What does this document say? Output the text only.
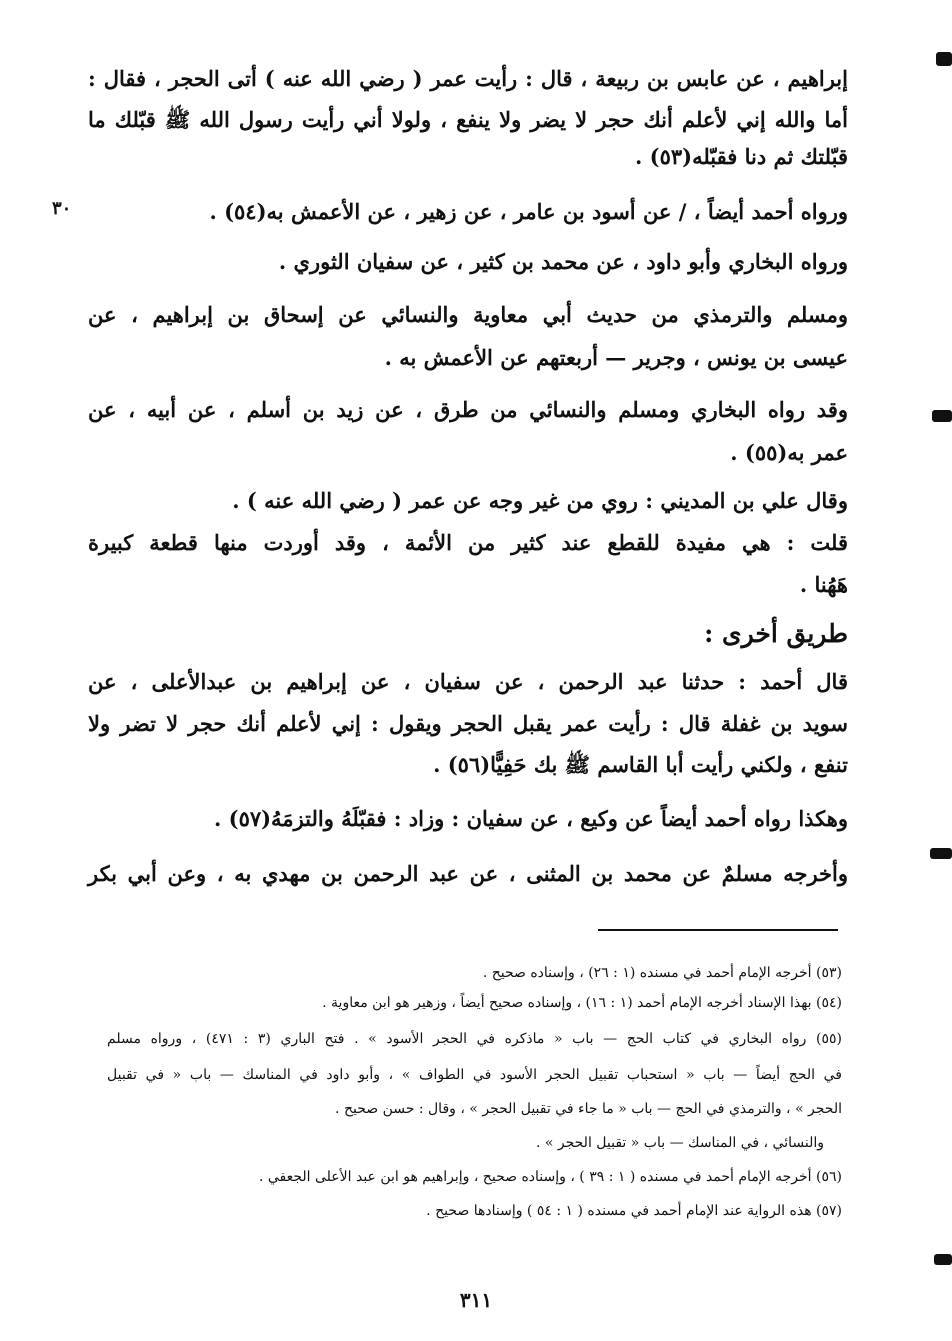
إبراهيم ، عن عابس بن ربيعة ، قال : رأيت عمر ( رضي الله عنه ) أتى الحجر ، فقال :
أما والله إني لأعلم أنك حجر لا يضر ولا ينفع ، ولولا أني رأيت رسول الله ﷺ قبّلك ما
قبّلتك ثم دنا فقبّله(٥٣) .
ورواه أحمد أيضاً ، / عن أسود بن عامر ، عن زهير ، عن الأعمش به(٥٤) .
ورواه البخاري وأبو داود ، عن محمد بن كثير ، عن سفيان الثوري .
ومسلم والترمذي من حديث أبي معاوية والنسائي عن إسحاق بن إبراهيم ، عن
عيسى بن يونس ، وجرير — أربعتهم عن الأعمش به .
وقد رواه البخاري ومسلم والنسائي من طرق ، عن زيد بن أسلم ، عن أبيه ، عن
عمر به(٥٥) .
وقال علي بن المديني : روي من غير وجه عن عمر ( رضي الله عنه ) .
قلت : هي مفيدة للقطع عند كثير من الأئمة ، وقد أوردت منها قطعة كبيرة
هَهُنا .
طريق أخرى :
قال أحمد : حدثنا عبد الرحمن ، عن سفيان ، عن إبراهيم بن عبدالأعلى ، عن
سويد بن غفلة قال : رأيت عمر يقبل الحجر ويقول : إني لأعلم أنك حجر لا تضر ولا
تنفع ، ولكني رأيت أبا القاسم ﷺ بك حَفِيًّا(٥٦) .
وهكذا رواه أحمد أيضاً عن وكيع ، عن سفيان : وزاد : فقبّلَهُ والتزمَهُ(٥٧) .
وأخرجه مسلمٌ عن محمد بن المثنى ، عن عبد الرحمن بن مهدي به ، وعن أبي بكر
٣٠
(٥٣) أخرجه الإمام أحمد في مسنده (١ : ٢٦) ، وإسناده صحيح .
(٥٤) بهذا الإسناد أخرجه الإمام أحمد (١ : ١٦) ، وإسناده صحيح أيضاً ، وزهير هو ابن معاوية .
(٥٥) رواه البخاري في كتاب الحج — باب « ماذكره في الحجر الأسود » . فتح الباري (٣ : ٤٧١) ، ورواه مسلم
في الحج أيضاً — باب « استحباب تقبيل الحجر الأسود في الطواف » ، وأبو داود في المناسك — باب « في تقبيل
الحجر » ، والترمذي في الحج — باب « ما جاء في تقبيل الحجر » ، وقال : حسن صحيح .
والنسائي ، في المناسك — باب « تقبيل الحجر » .
(٥٦) أخرجه الإمام أحمد في مسنده ( ١ : ٣٩ ) ، وإسناده صحيح ، وإبراهيم هو ابن عبد الأعلى الجعفي .
(٥٧) هذه الرواية عند الإمام أحمد في مسنده ( ١ : ٥٤ ) وإسنادها صحيح .
٣١١
